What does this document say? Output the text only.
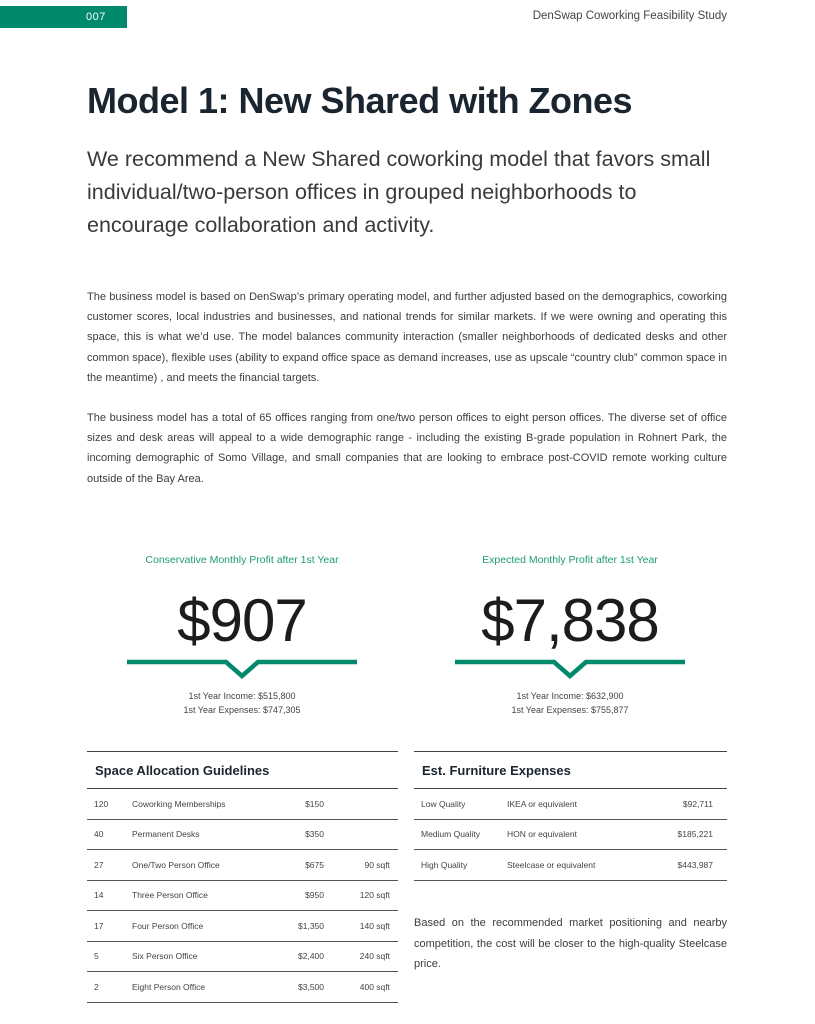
007	DenSwap Coworking Feasibility Study
Model 1: New Shared with Zones

We recommend a New Shared coworking model that favors small individual/two-person offices in grouped neighborhoods to encourage collaboration and activity.

The business model is based on DenSwap’s primary operating model, and further adjusted based on the demographics, coworking customer scores, local industries and businesses, and national trends for similar markets. If we were owning and operating this space, this is what we’d use. The model balances community interaction (smaller neighborhoods of dedicated desks and other common space), flexible uses (ability to expand office space as demand increases, use as upscale “country club” common space in the meantime) , and meets the financial targets.

The business model has a total of 65 offices ranging from one/two person offices to eight person offices. The diverse set of office sizes and desk areas will appeal to a wide demographic range - including the existing B-grade population in Rohnert Park, the incoming demographic of Somo Village, and small companies that are looking to embrace post-COVID remote working culture outside of the Bay Area.

Conservative Monthly Profit after 1st Year
$907
1st Year Income: $515,800
1st Year Expenses: $747,305
Expected Monthly Profit after 1st Year
$7,838
1st Year Income: $632,900
1st Year Expenses: $755,877
Space Allocation Guidelines
120	Coworking Memberships	$150
40	Permanent Desks	$350
27	One/Two Person Office	$675	90 sqft
14	Three Person Office	$950	120 sqft
17	Four Person Office	$1,350	140 sqft
5	Six Person Office	$2,400	240 sqft
2	Eight Person Office	$3,500	400 sqft
Est. Furniture Expenses
Low Quality	IKEA or equivalent	$92,711
Medium Quality	HON or equivalent	$185,221
High Quality	Steelcase or equivalent	$443,987

Based on the recommended market positioning and nearby competition, the cost will be closer to the high-quality Steelcase price.
